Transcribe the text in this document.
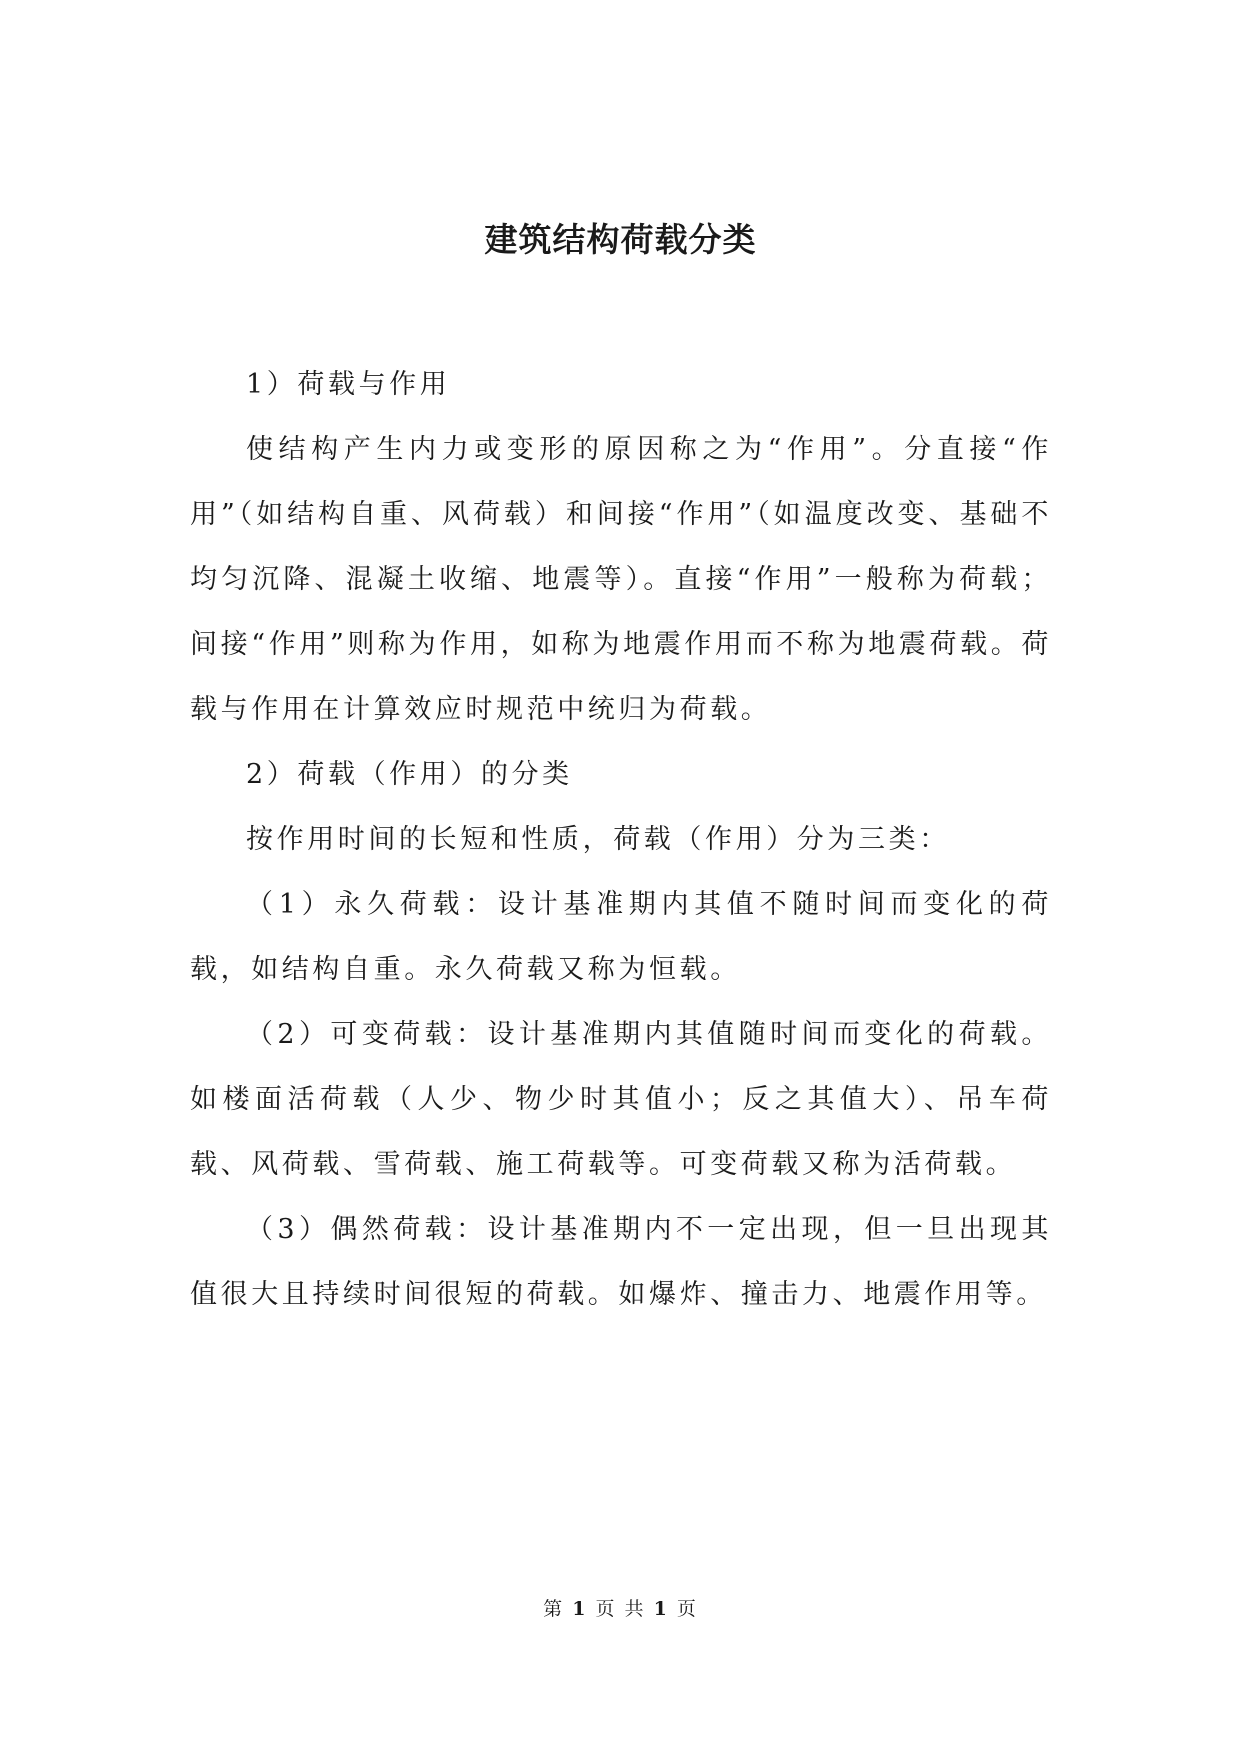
建筑结构荷载分类

1）荷载与作用

使结构产生内力或变形的原因称之为“作用”。分直接“作用”（如结构自重、风荷载）和间接“作用”（如温度改变、基础不均匀沉降、混凝土收缩、地震等）。直接“作用”一般称为荷载；间接“作用”则称为作用，如称为地震作用而不称为地震荷载。荷载与作用在计算效应时规范中统归为荷载。

2）荷载（作用）的分类

按作用时间的长短和性质，荷载（作用）分为三类：

（1）永久荷载：设计基准期内其值不随时间而变化的荷载，如结构自重。永久荷载又称为恒载。

（2）可变荷载：设计基准期内其值随时间而变化的荷载。如楼面活荷载（人少、物少时其值小；反之其值大）、吊车荷载、风荷载、雪荷载、施工荷载等。可变荷载又称为活荷载。

（3）偶然荷载：设计基准期内不一定出现，但一旦出现其值很大且持续时间很短的荷载。如爆炸、撞击力、地震作用等。

第 1 页 共 1 页
